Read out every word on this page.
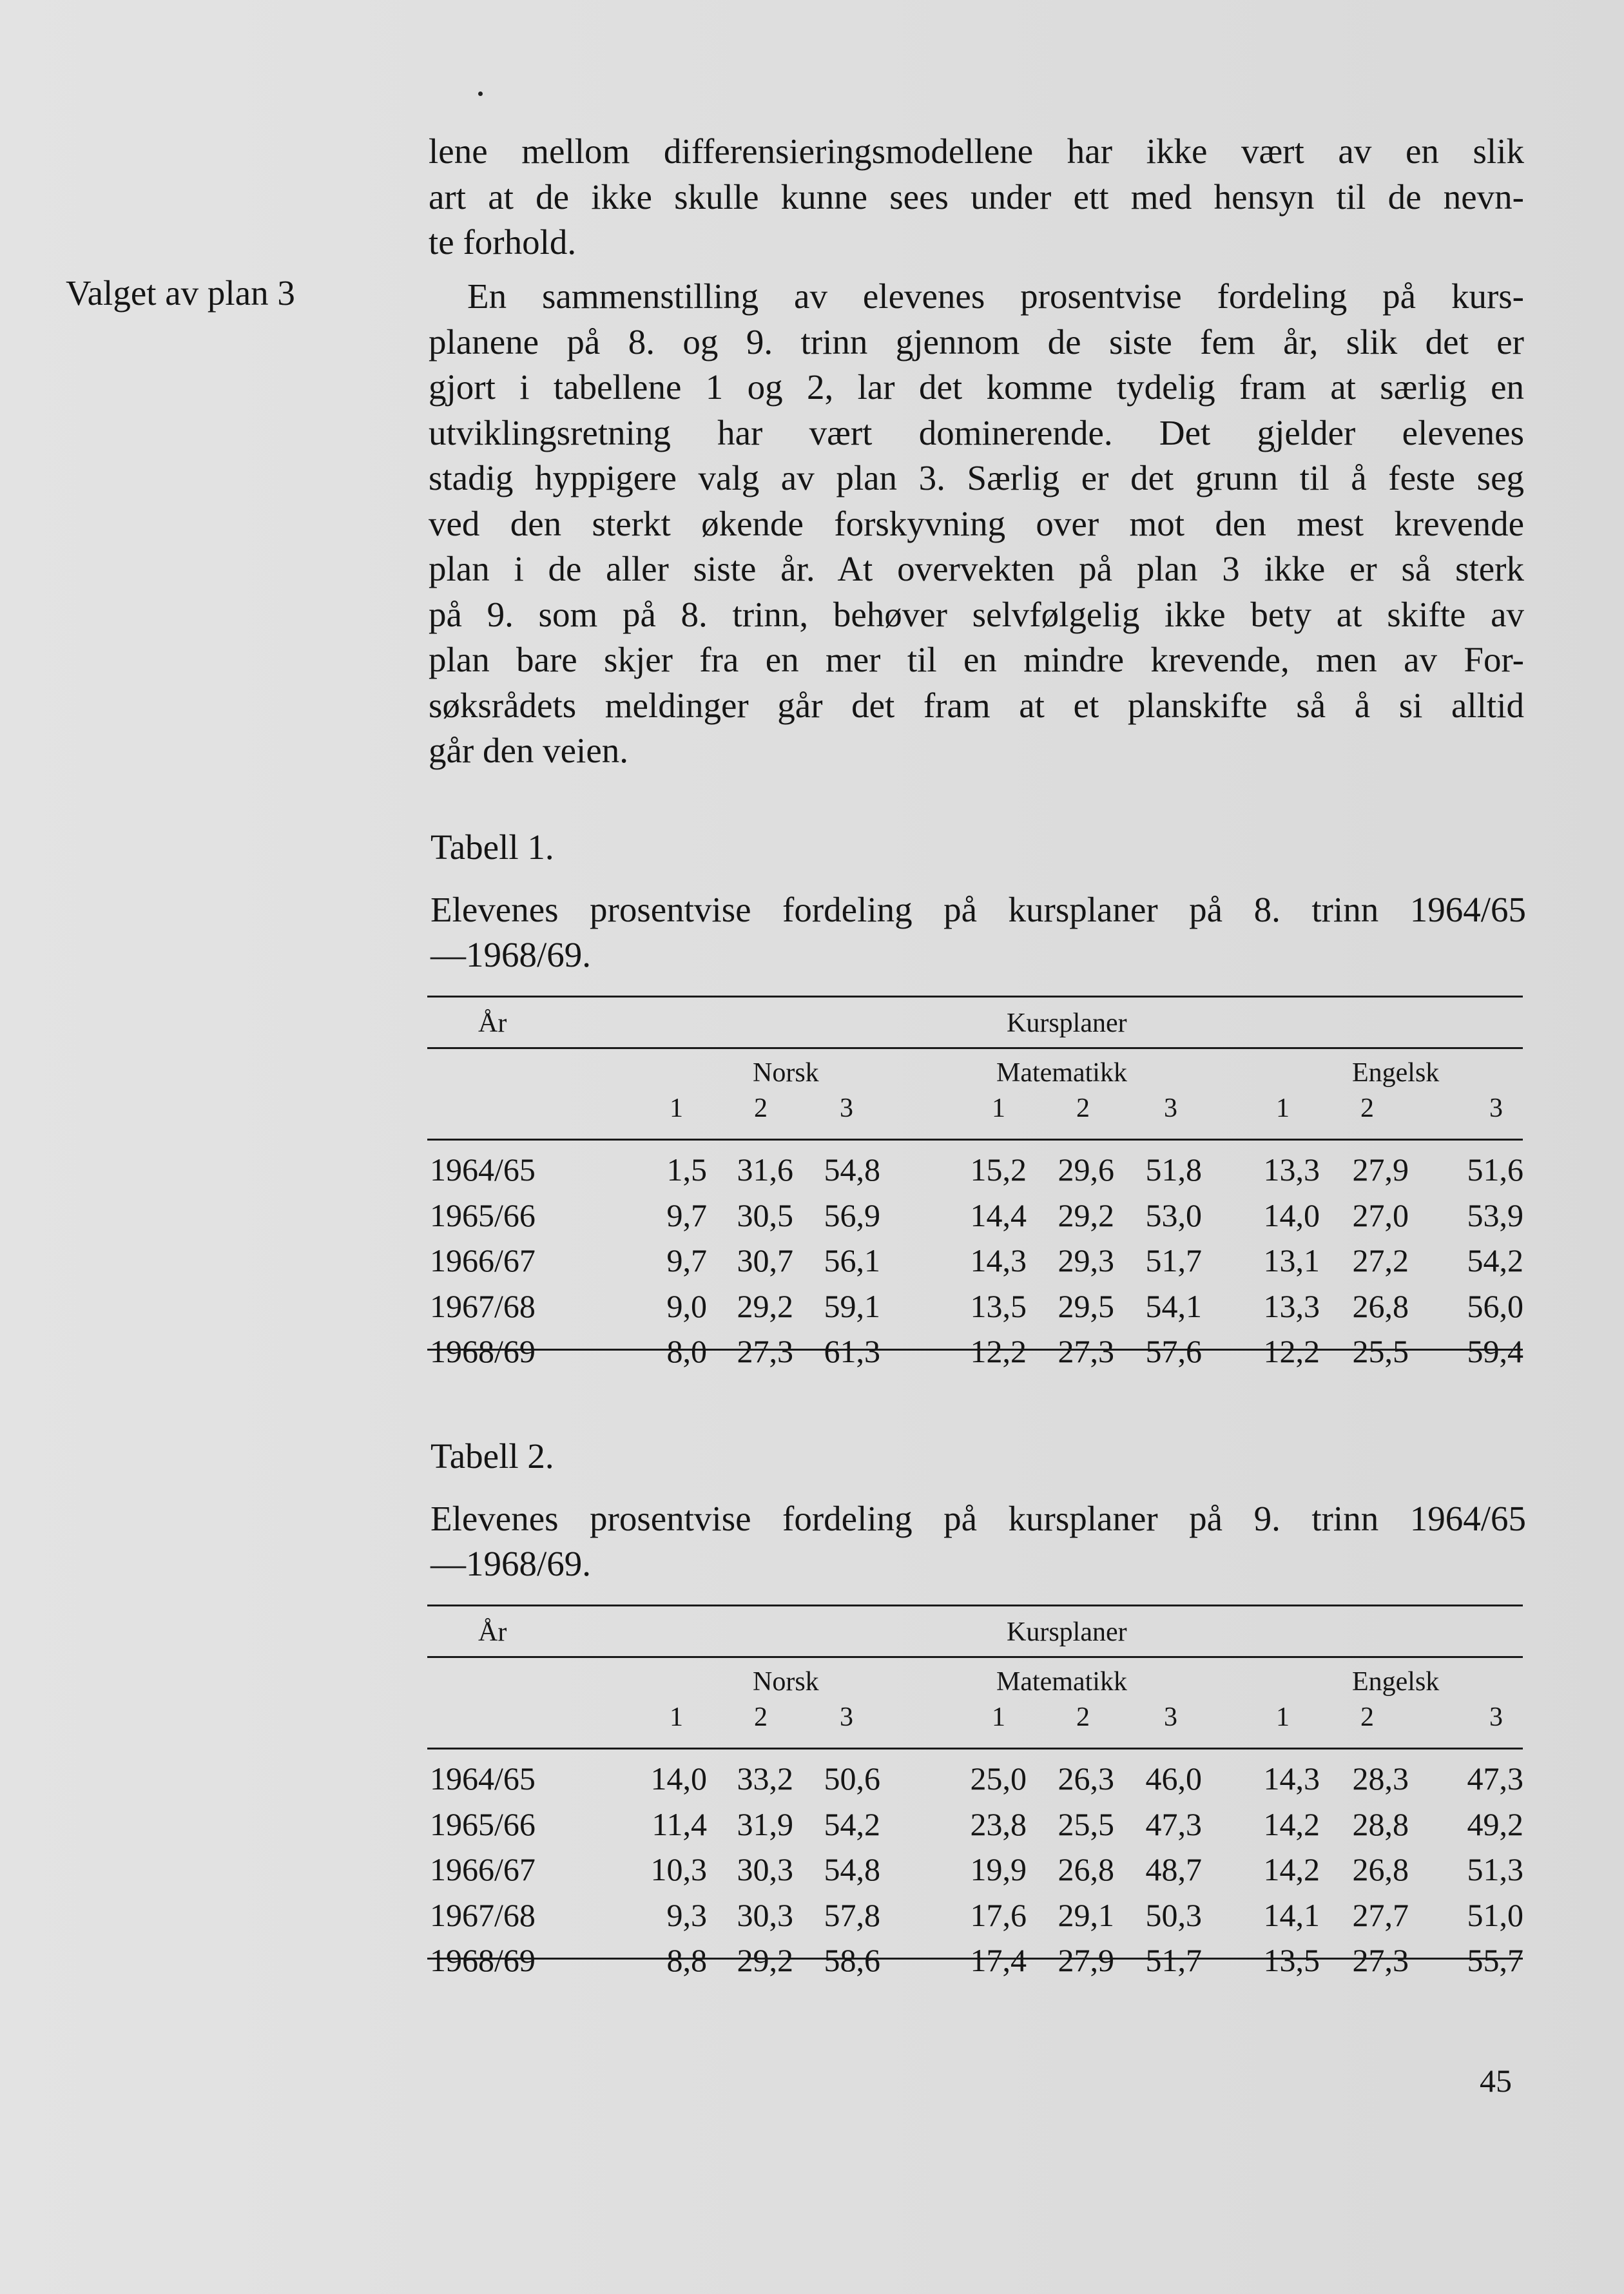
Valget av plan 3
lene mellom differensieringsmodellene har ikke vært av en slik
art at de ikke skulle kunne sees under ett med hensyn til de nevn-
te forhold.
En sammenstilling av elevenes prosentvise fordeling på kurs-
planene på 8. og 9. trinn gjennom de siste fem år, slik det er
gjort i tabellene 1 og 2, lar det komme tydelig fram at særlig en
utviklingsretning har vært dominerende. Det gjelder elevenes
stadig hyppigere valg av plan 3. Særlig er det grunn til å feste seg
ved den sterkt økende forskyvning over mot den mest krevende
plan i de aller siste år. At overvekten på plan 3 ikke er så sterk
på 9. som på 8. trinn, behøver selvfølgelig ikke bety at skifte av
plan bare skjer fra en mer til en mindre krevende, men av For-
søksrådets meldinger går det fram at et planskifte så å si alltid
går den veien.
Tabell 1.
Elevenes prosentvise fordeling på kursplaner på 8. trinn 1964/65
—1968/69.
År	Kursplaner
Norsk	Matematikk	Engelsk
1	2	3	1	2	3	1	2	3
1964/65	1,5 31,6 54,8	15,2 29,6 51,8 13,3 27,9 51,6
1965/66	9,7 30,5 56,9	14,4 29,2 53,0 14,0 27,0 53,9
1966/67	9,7 30,7 56,1	14,3 29,3 51,7 13,1 27,2 54,2
1967/68	9,0 29,2 59,1	13,5 29,5 54,1 13,3 26,8 56,0
1968/69	8,0 27,3 61,3	12,2 27,3 57,6 12,2 25,5 59,4
Tabell 2.
Elevenes prosentvise fordeling på kursplaner på 9. trinn 1964/65
—1968/69.
År	Kursplaner
Norsk	Matematikk	Engelsk
1	2	3	1	2	3	1	2	3
1964/65	14,0 33,2 50,6	25,0 26,3 46,0 14,3 28,3 47,3
1965/66	11,4 31,9 54,2	23,8 25,5 47,3 14,2 28,8 49,2
1966/67	10,3 30,3 54,8	19,9 26,8 48,7 14,2 26,8 51,3
1967/68	9,3 30,3 57,8	17,6 29,1 50,3 14,1 27,7 51,0
1968/69	8,8 29,2 58,6	17,4 27,9 51,7 13,5 27,3 55,7
45
